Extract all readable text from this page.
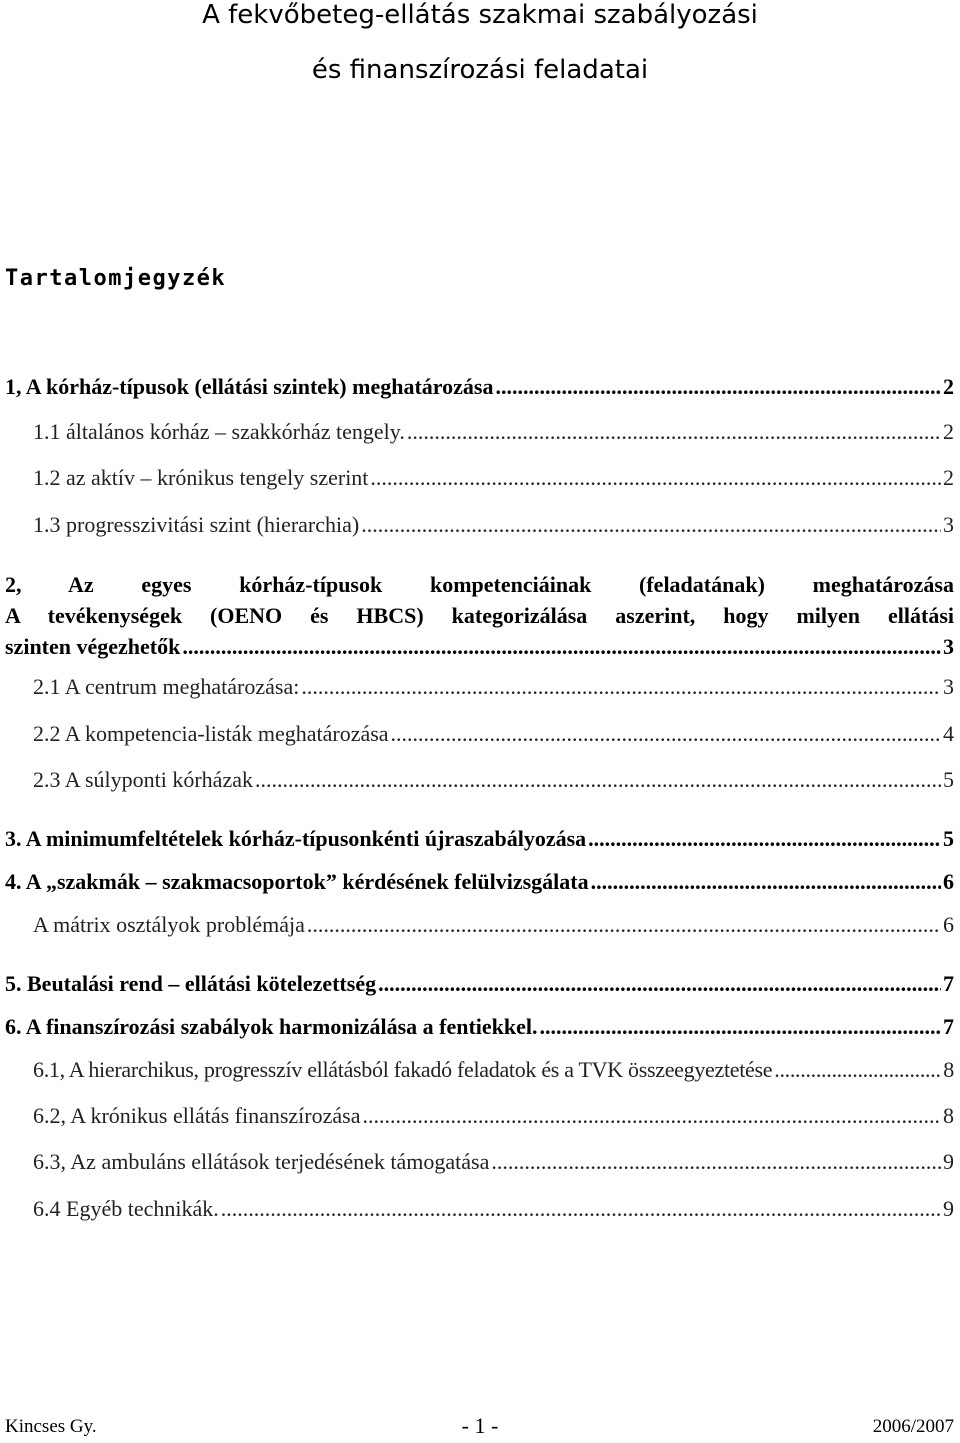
A fekvőbeteg-ellátás szakmai szabályozási
és finanszírozási feladatai
Tartalomjegyzék
1, A kórház-típusok (ellátási szintek) meghatározása .....	2
1.1 általános kórház – szakkórház tengely. .....	2
1.2 az aktív – krónikus tengely szerint .....	2
1.3 progresszivitási szint (hierarchia) .....	3
2, Az egyes kórház-típusok kompetenciáinak (feladatának) meghatározása
A tevékenységek (OENO és HBCS) kategorizálása aszerint, hogy milyen ellátási
szinten végezhetők .....	3
2.1 A centrum meghatározása: .....	3
2.2 A kompetencia-listák meghatározása .....	4
2.3 A súlyponti kórházak .....	5
3. A minimumfeltételek kórház-típusonkénti újraszabályozása .....	5
4. A „szakmák – szakmacsoportok” kérdésének felülvizsgálata .....	6
A mátrix osztályok problémája .....	6
5. Beutalási rend – ellátási kötelezettség .....	7
6. A finanszírozási szabályok harmonizálása a fentiekkel. .....	7
6.1, A hierarchikus, progresszív ellátásból fakadó feladatok és a TVK összeegyeztetése .....	8
6.2, A krónikus ellátás finanszírozása .....	8
6.3, Az ambuláns ellátások terjedésének támogatása .....	9
6.4 Egyéb technikák. .....	9
Kincses Gy.	- 1 -	2006/2007
